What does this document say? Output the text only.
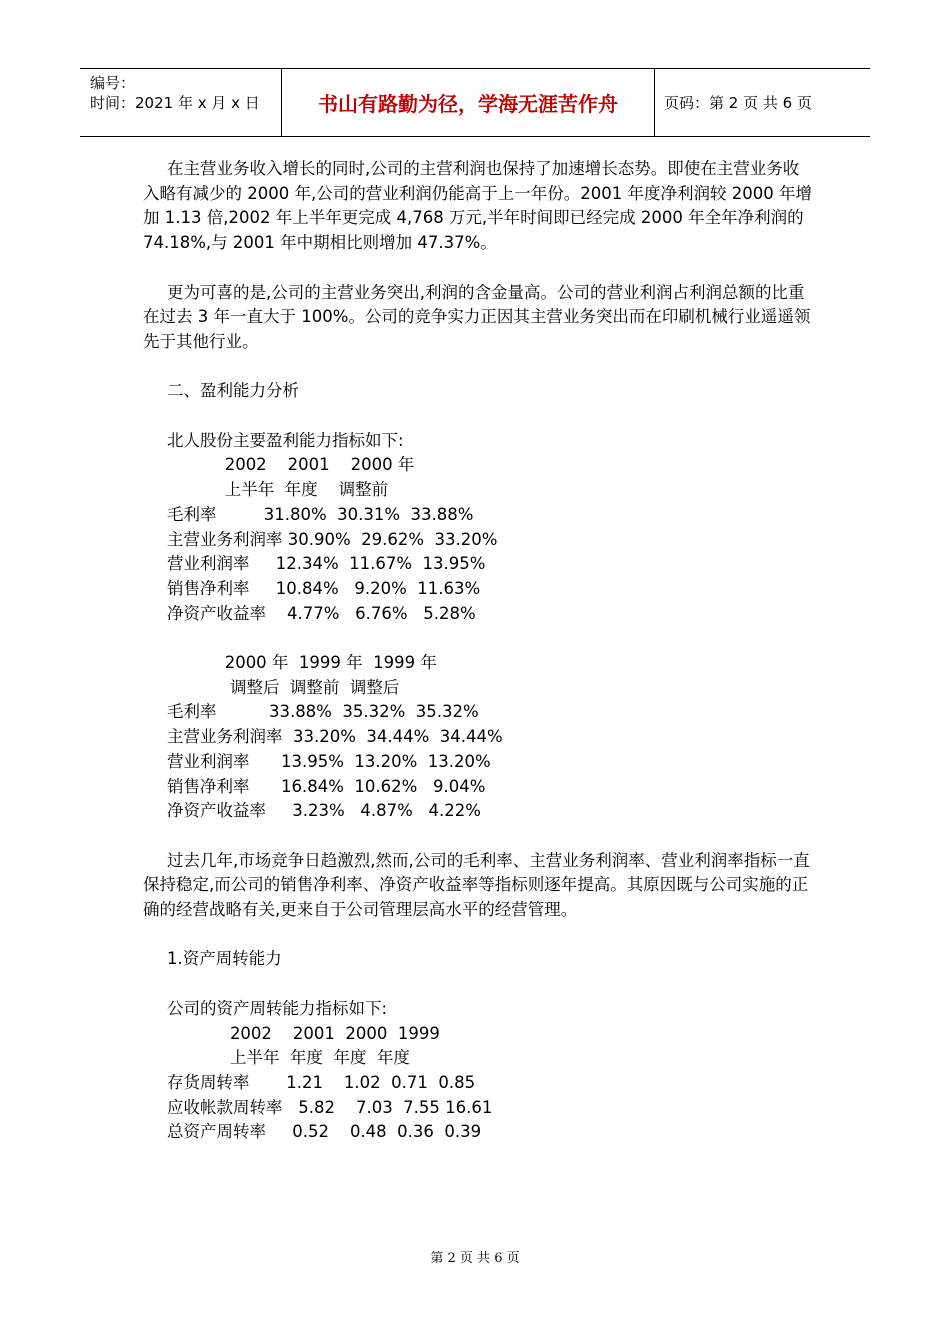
编号：
时间：2021 年 x 月 x 日	书山有路勤为径，学海无涯苦作舟	页码：第 2 页 共 6 页

在主营业务收入增长的同时,公司的主营利润也保持了加速增长态势。即使在主营业务收入略有减少的 2000 年,公司的营业利润仍能高于上一年份。2001 年度净利润较 2000 年增加 1.13 倍,2002 年上半年更完成 4,768 万元,半年时间即已经完成 2000 年全年净利润的 74.18%,与 2001 年中期相比则增加 47.37%。

更为可喜的是,公司的主营业务突出,利润的含金量高。公司的营业利润占利润总额的比重在过去 3 年一直大于 100%。公司的竞争实力正因其主营业务突出而在印刷机械行业遥遥领先于其他行业。

二、盈利能力分析

北人股份主要盈利能力指标如下:

2002    2001    2000 年
上半年  年度    调整前
毛利率         31.80%  30.31%  33.88%
主营业务利润率 30.90%  29.62%  33.20%
营业利润率     12.34%  11.67%  13.95%
销售净利率     10.84%   9.20%  11.63%
净资产收益率    4.77%   6.76%   5.28%
2000 年  1999 年  1999 年
调整后  调整前  调整后
毛利率          33.88%  35.32%  35.32%
主营业务利润率  33.20%  34.44%  34.44%
营业利润率      13.95%  13.20%  13.20%
销售净利率      16.84%  10.62%   9.04%
净资产收益率     3.23%   4.87%   4.22%

过去几年,市场竞争日趋激烈,然而,公司的毛利率、主营业务利润率、营业利润率指标一直保持稳定,而公司的销售净利率、净资产收益率等指标则逐年提高。其原因既与公司实施的正确的经营战略有关,更来自于公司管理层高水平的经营管理。

1.资产周转能力

公司的资产周转能力指标如下:

2002    2001  2000  1999
上半年  年度  年度  年度
存货周转率       1.21    1.02  0.71  0.85
应收帐款周转率   5.82    7.03  7.55 16.61
总资产周转率     0.52    0.48  0.36  0.39
第 2 页 共 6 页
